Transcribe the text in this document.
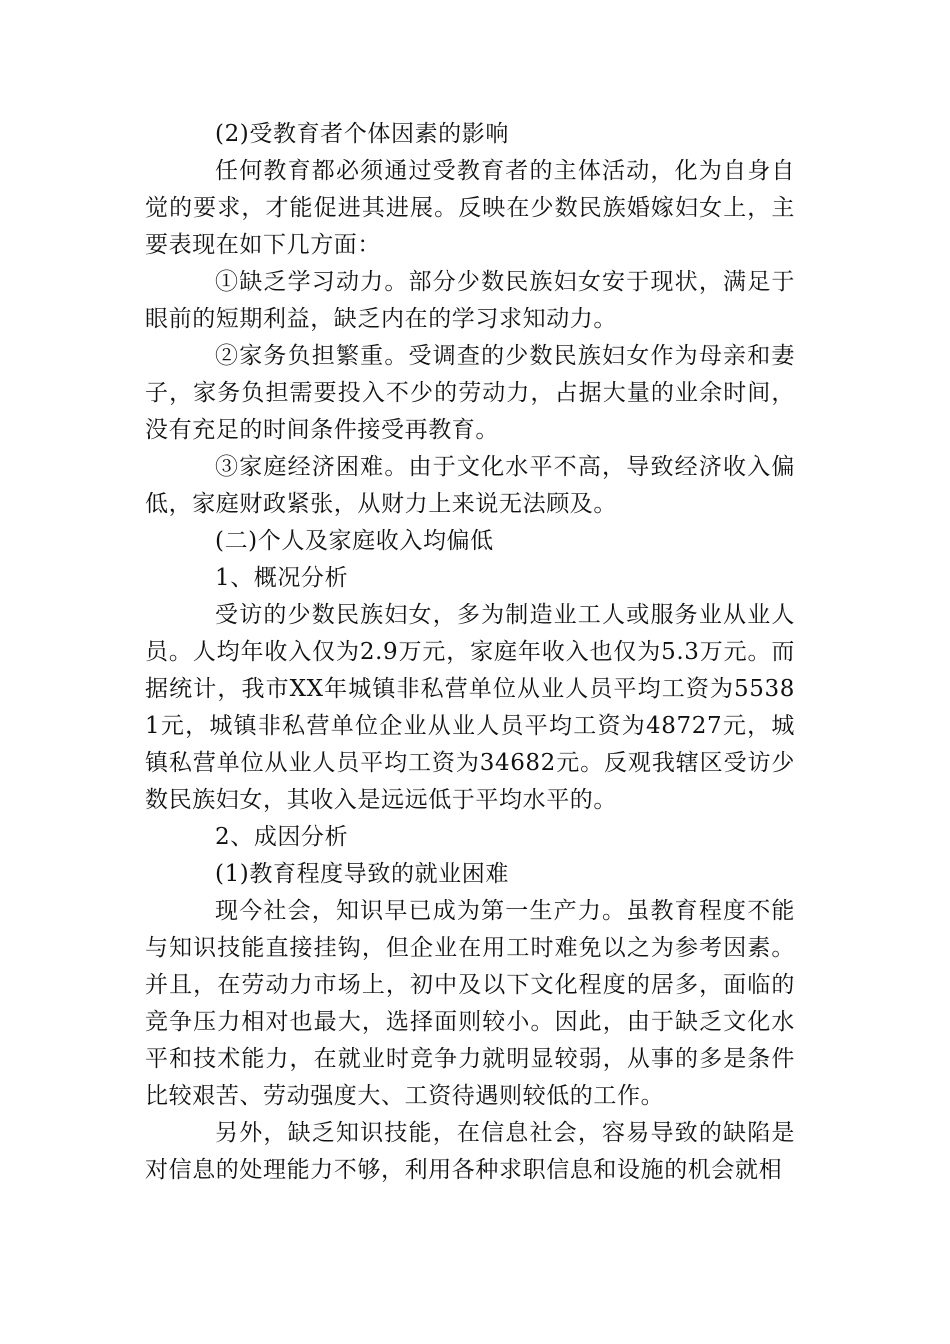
(2)受教育者个体因素的影响

任何教育都必须通过受教育者的主体活动，化为自身自觉的要求，才能促进其进展。反映在少数民族婚嫁妇女上，主要表现在如下几方面：

①缺乏学习动力。部分少数民族妇女安于现状，满足于眼前的短期利益，缺乏内在的学习求知动力。

②家务负担繁重。受调查的少数民族妇女作为母亲和妻子，家务负担需要投入不少的劳动力，占据大量的业余时间，没有充足的时间条件接受再教育。

③家庭经济困难。由于文化水平不高，导致经济收入偏低，家庭财政紧张，从财力上来说无法顾及。

(二)个人及家庭收入均偏低

1、概况分析

受访的少数民族妇女，多为制造业工人或服务业从业人员。人均年收入仅为2.9万元，家庭年收入也仅为5.3万元。而据统计，我市XX年城镇非私营单位从业人员平均工资为55381元，城镇非私营单位企业从业人员平均工资为48727元，城镇私营单位从业人员平均工资为34682元。反观我辖区受访少数民族妇女，其收入是远远低于平均水平的。

2、成因分析

(1)教育程度导致的就业困难

现今社会，知识早已成为第一生产力。虽教育程度不能与知识技能直接挂钩，但企业在用工时难免以之为参考因素。并且，在劳动力市场上，初中及以下文化程度的居多，面临的竞争压力相对也最大，选择面则较小。因此，由于缺乏文化水平和技术能力，在就业时竞争力就明显较弱，从事的多是条件比较艰苦、劳动强度大、工资待遇则较低的工作。

另外，缺乏知识技能，在信息社会，容易导致的缺陷是对信息的处理能力不够，利用各种求职信息和设施的机会就相
